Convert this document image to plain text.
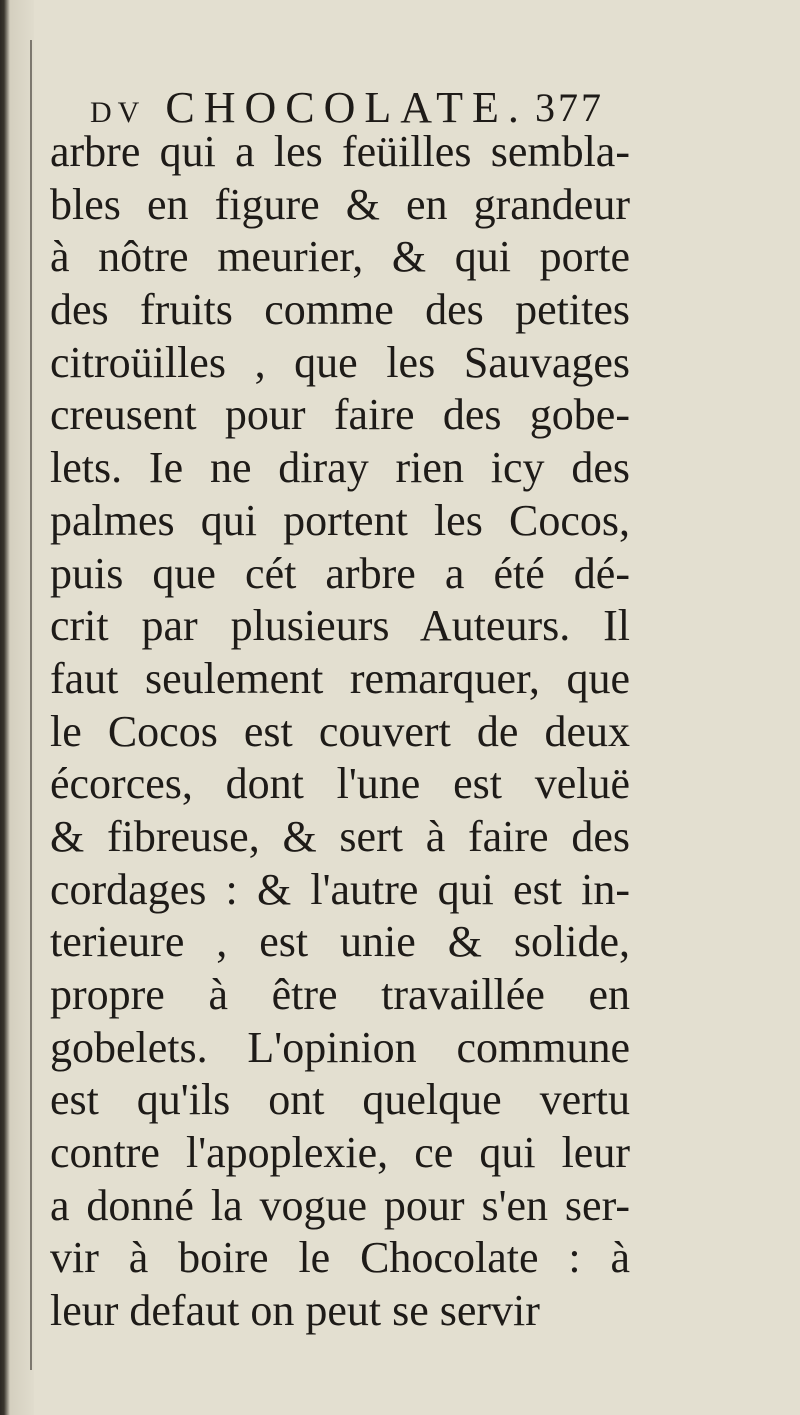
DV CHOCOLATE. 377
arbre qui a les feüilles sembla-
bles en figure & en grandeur
à nôtre meurier, & qui porte
des fruits comme des petites
citroüilles , que les Sauvages
creusent pour faire des gobe-
lets. Ie ne diray rien icy des
palmes qui portent les Cocos,
puis que cét arbre a été dé-
crit par plusieurs Auteurs. Il
faut seulement remarquer, que
le Cocos est couvert de deux
écorces, dont l'une est veluë
& fibreuse, & sert à faire des
cordages : & l'autre qui est in-
terieure , est unie & solide,
propre à être travaillée en
gobelets. L'opinion commune
est qu'ils ont quelque vertu
contre l'apoplexie, ce qui leur
a donné la vogue pour s'en ser-
vir à boire le Chocolate : à
leur defaut on peut se servir
